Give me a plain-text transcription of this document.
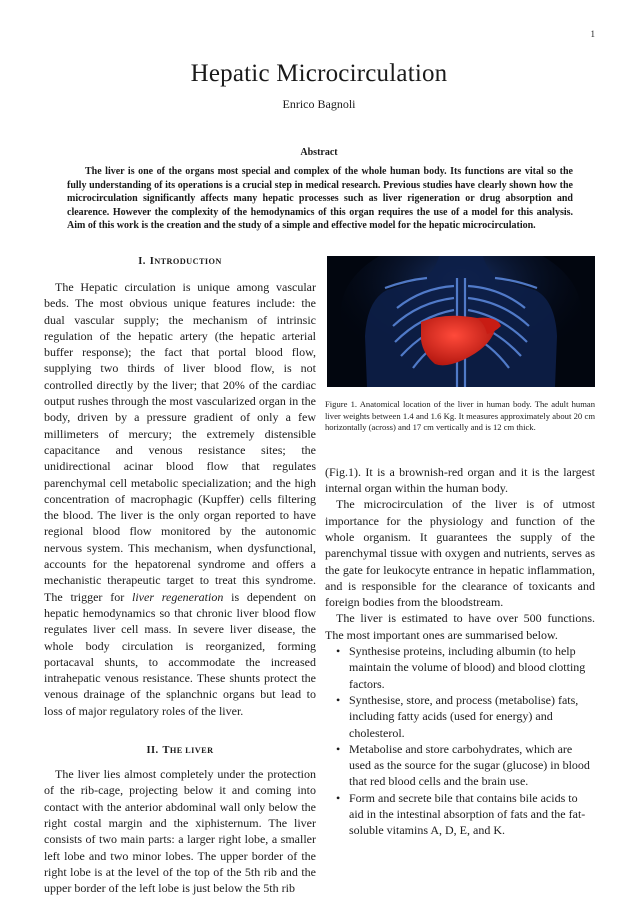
1
Hepatic Microcirculation
Enrico Bagnoli
Abstract

The liver is one of the organs most special and complex of the whole human body. Its functions are vital so the fully understanding of its operations is a crucial step in medical research. Previous studies have clearly shown how the microcirculation significantly affects many hepatic processes such as liver rigeneration or drug absorption and clearence. However the complexity of the hemodynamics of this organ requires the use of a model for this analysis. Aim of this work is the creation and the study of a simple and effective model for the hepatic microcirculation.

I. INTRODUCTION

The Hepatic circulation is unique among vascular beds. The most obvious unique features include: the dual vascular supply; the mechanism of intrinsic regulation of the hepatic artery (the hepatic arterial buffer response); the fact that portal blood flow, supplying two thirds of liver blood flow, is not controlled directly by the liver; that 20% of the cardiac output rushes through the most vascularized organ in the body, driven by a pressure gradient of only a few millimeters of mercury; the extremely distensible capacitance and venous resistance sites; the unidirectional acinar blood flow that regulates parenchymal cell metabolic specialization; and the high concentration of macrophagic (Kupffer) cells filtering the blood. The liver is the only organ reported to have regional blood flow monitored by the autonomic nervous system. This mechanism, when dysfunctional, accounts for the hepatorenal syndrome and offers a mechanistic therapeutic target to treat this syndrome. The trigger for liver regeneration is dependent on hepatic hemodynamics so that chronic liver blood flow regulates liver cell mass. In severe liver disease, the whole body circulation is reorganized, forming portacaval shunts, to accommodate the increased intrahepatic venous resistance. These shunts protect the venous drainage of the splanchnic organs but lead to loss of major regulatory roles of the liver.

II. THE LIVER

The liver lies almost completely under the protection of the rib-cage, projecting below it and coming into contact with the anterior abdominal wall only below the right costal margin and the xiphisternum. The liver consists of two main parts: a larger right lobe, a smaller left lobe and two minor lobes. The upper border of the right lobe is at the level of the top of the 5th rib and the upper border of the left lobe is just below the 5th rib

Figure 1. Anatomical location of the liver in human body. The adult human liver weights between 1.4 and 1.6 Kg. It measures approximately about 20 cm horizontally (across) and 17 cm vertically and is 12 cm thick.

(Fig.1). It is a brownish-red organ and it is the largest internal organ within the human body.

The microcirculation of the liver is of utmost importance for the physiology and function of the whole organism. It guarantees the supply of the parenchymal tissue with oxygen and nutrients, serves as the gate for leukocyte entrance in hepatic inflammation, and is responsible for the clearance of toxicants and foreign bodies from the bloodstream.

The liver is estimated to have over 500 functions. The most important ones are summarised below.

• Synthesise proteins, including albumin (to help maintain the volume of blood) and blood clotting factors.
• Synthesise, store, and process (metabolise) fats, including fatty acids (used for energy) and cholesterol.
• Metabolise and store carbohydrates, which are used as the source for the sugar (glucose) in blood that red blood cells and the brain use.
• Form and secrete bile that contains bile acids to aid in the intestinal absorption of fats and the fat-soluble vitamins A, D, E, and K.
